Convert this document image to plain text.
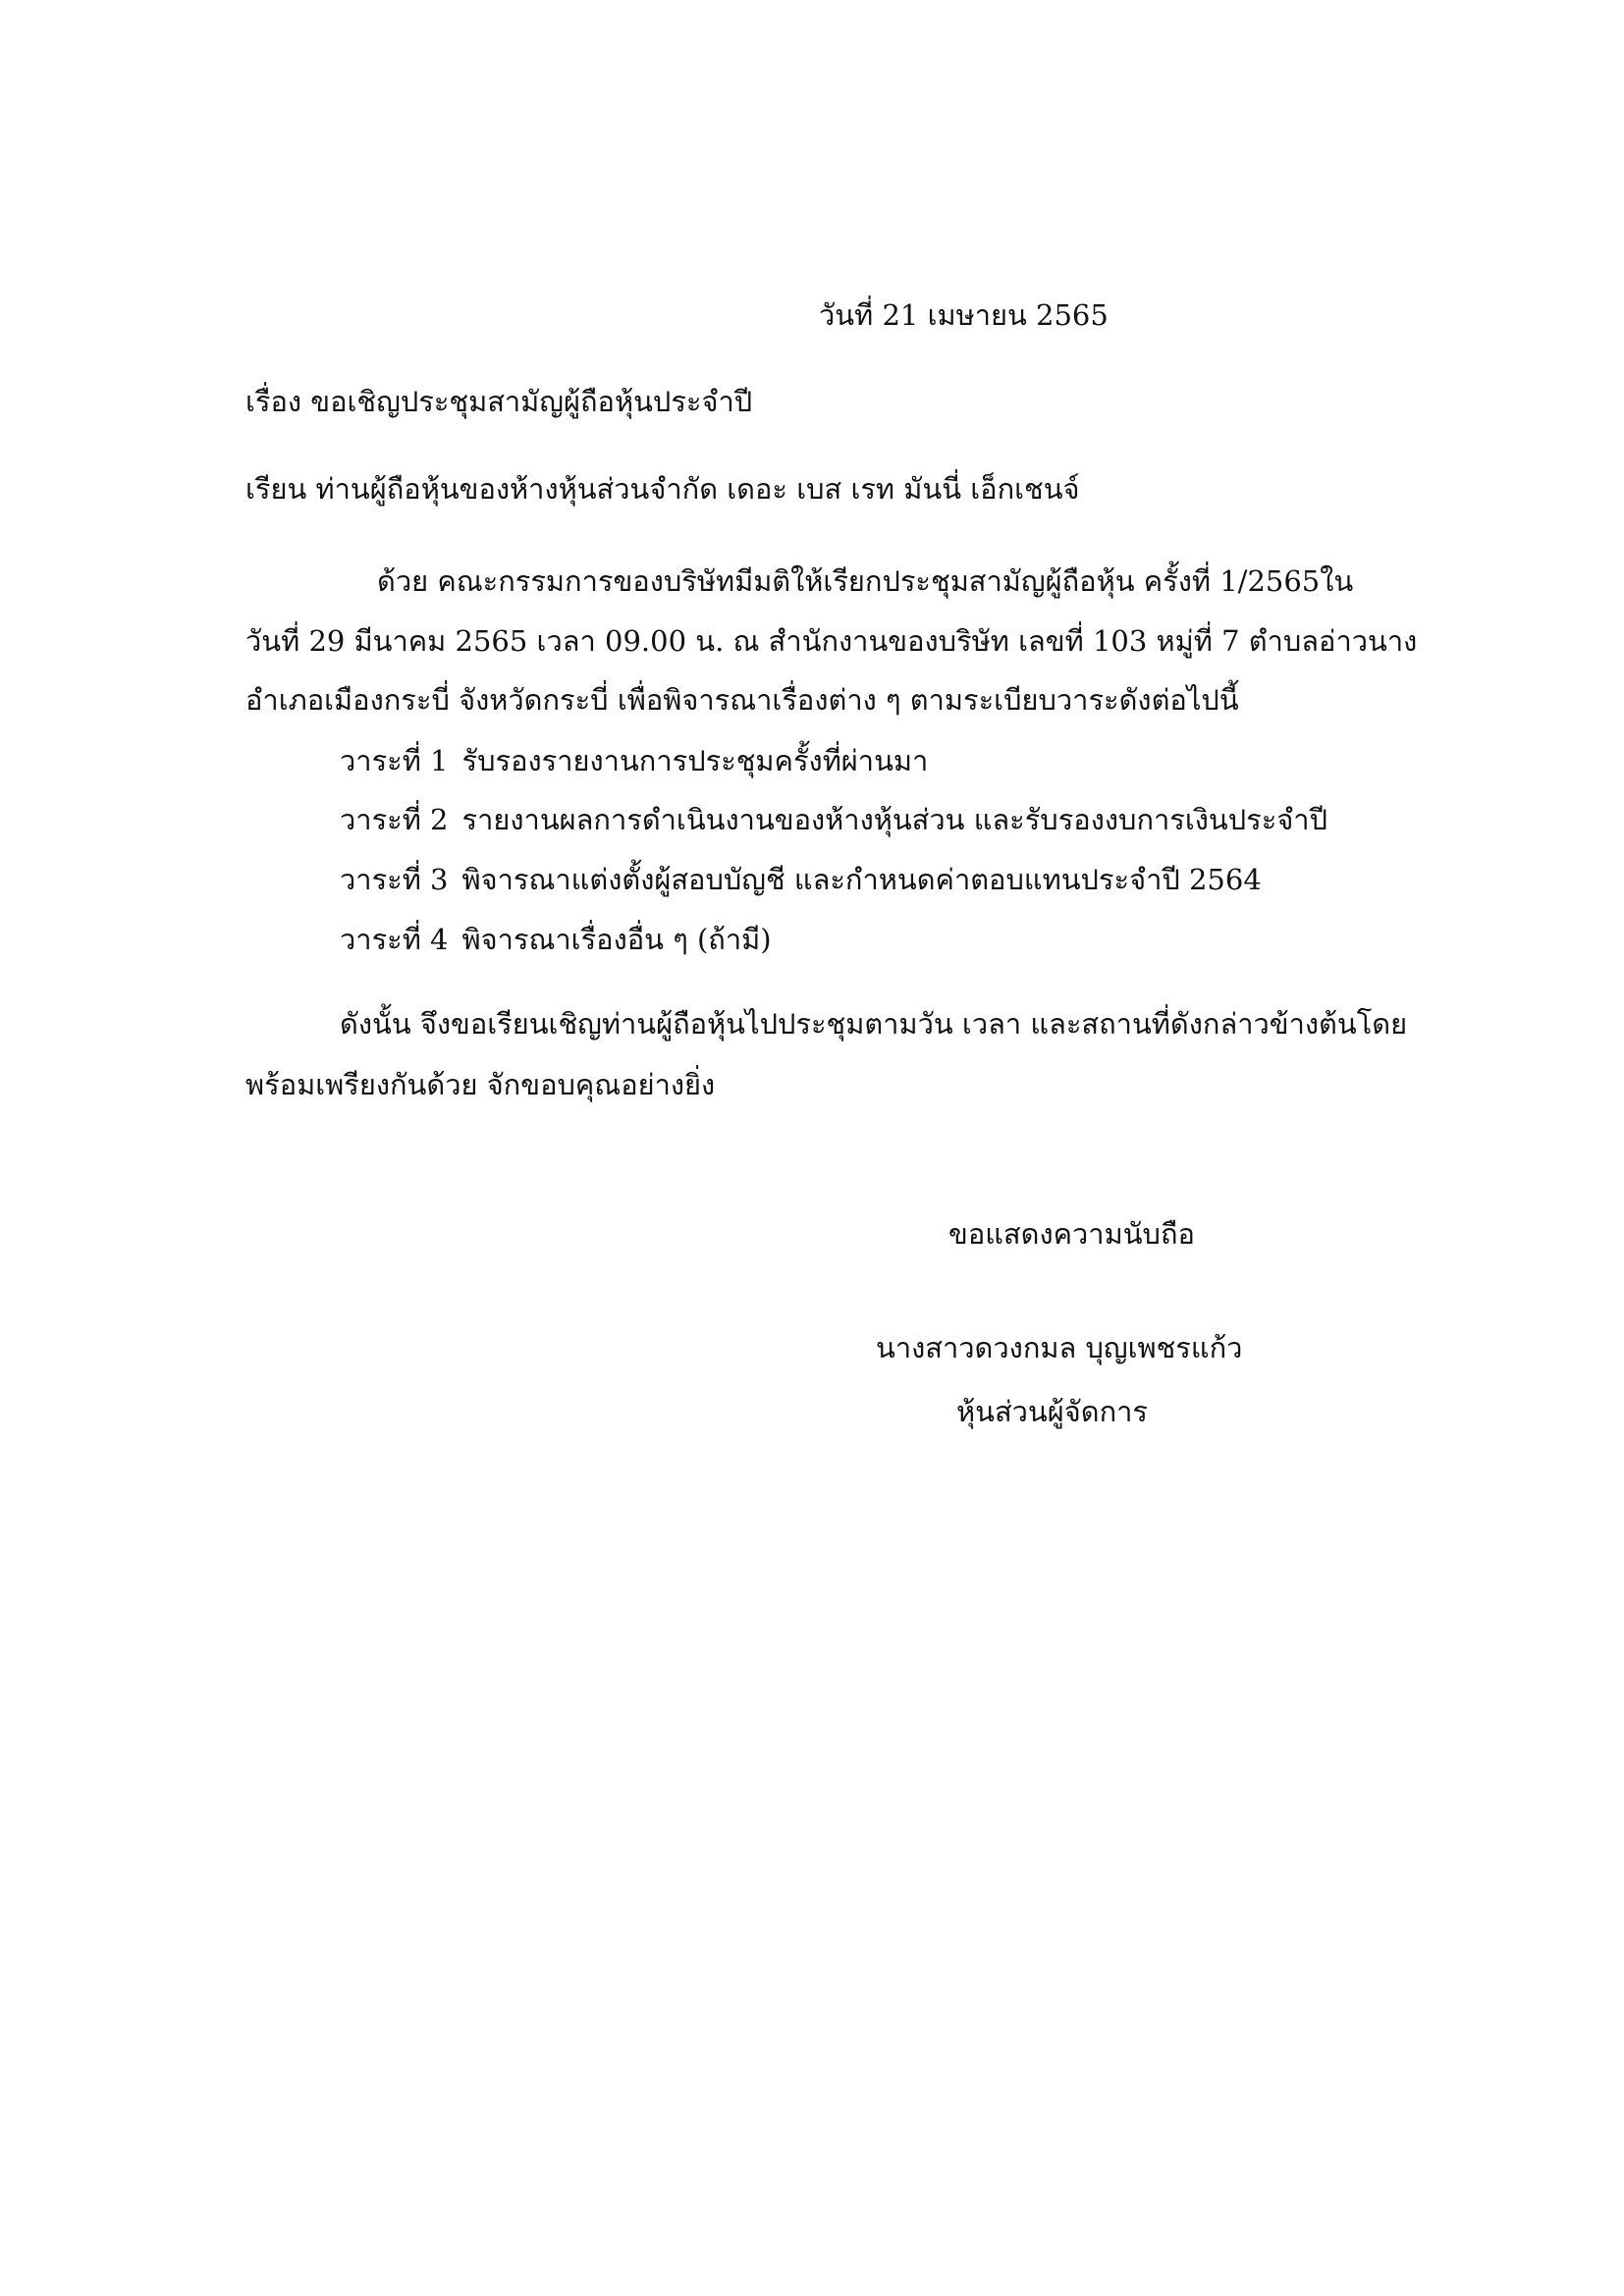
วันที่ 21 เมษายน 2565
เรื่อง ขอเชิญประชุมสามัญผู้ถือหุ้นประจำปี
เรียน ท่านผู้ถือหุ้นของห้างหุ้นส่วนจำกัด เดอะ เบส เรท มันนี่ เอ็กเชนจ์
ด้วย คณะกรรมการของบริษัทมีมติให้เรียกประชุมสามัญผู้ถือหุ้น ครั้งที่ 1/2565ใน
วันที่ 29 มีนาคม 2565 เวลา 09.00 น. ณ สำนักงานของบริษัท เลขที่ 103 หมู่ที่ 7 ตำบลอ่าวนาง
อำเภอเมืองกระบี่ จังหวัดกระบี่ เพื่อพิจารณาเรื่องต่าง ๆ ตามระเบียบวาระดังต่อไปนี้
วาระที่ 1 รับรองรายงานการประชุมครั้งที่ผ่านมา
วาระที่ 2 รายงานผลการดำเนินงานของห้างหุ้นส่วน และรับรองงบการเงินประจำปี
วาระที่ 3 พิจารณาแต่งตั้งผู้สอบบัญชี และกำหนดค่าตอบแทนประจำปี 2564
วาระที่ 4 พิจารณาเรื่องอื่น ๆ (ถ้ามี)
ดังนั้น จึงขอเรียนเชิญท่านผู้ถือหุ้นไปประชุมตามวัน เวลา และสถานที่ดังกล่าวข้างต้นโดย
พร้อมเพรียงกันด้วย จักขอบคุณอย่างยิ่ง
ขอแสดงความนับถือ
นางสาวดวงกมล บุญเพชรแก้ว
หุ้นส่วนผู้จัดการ
